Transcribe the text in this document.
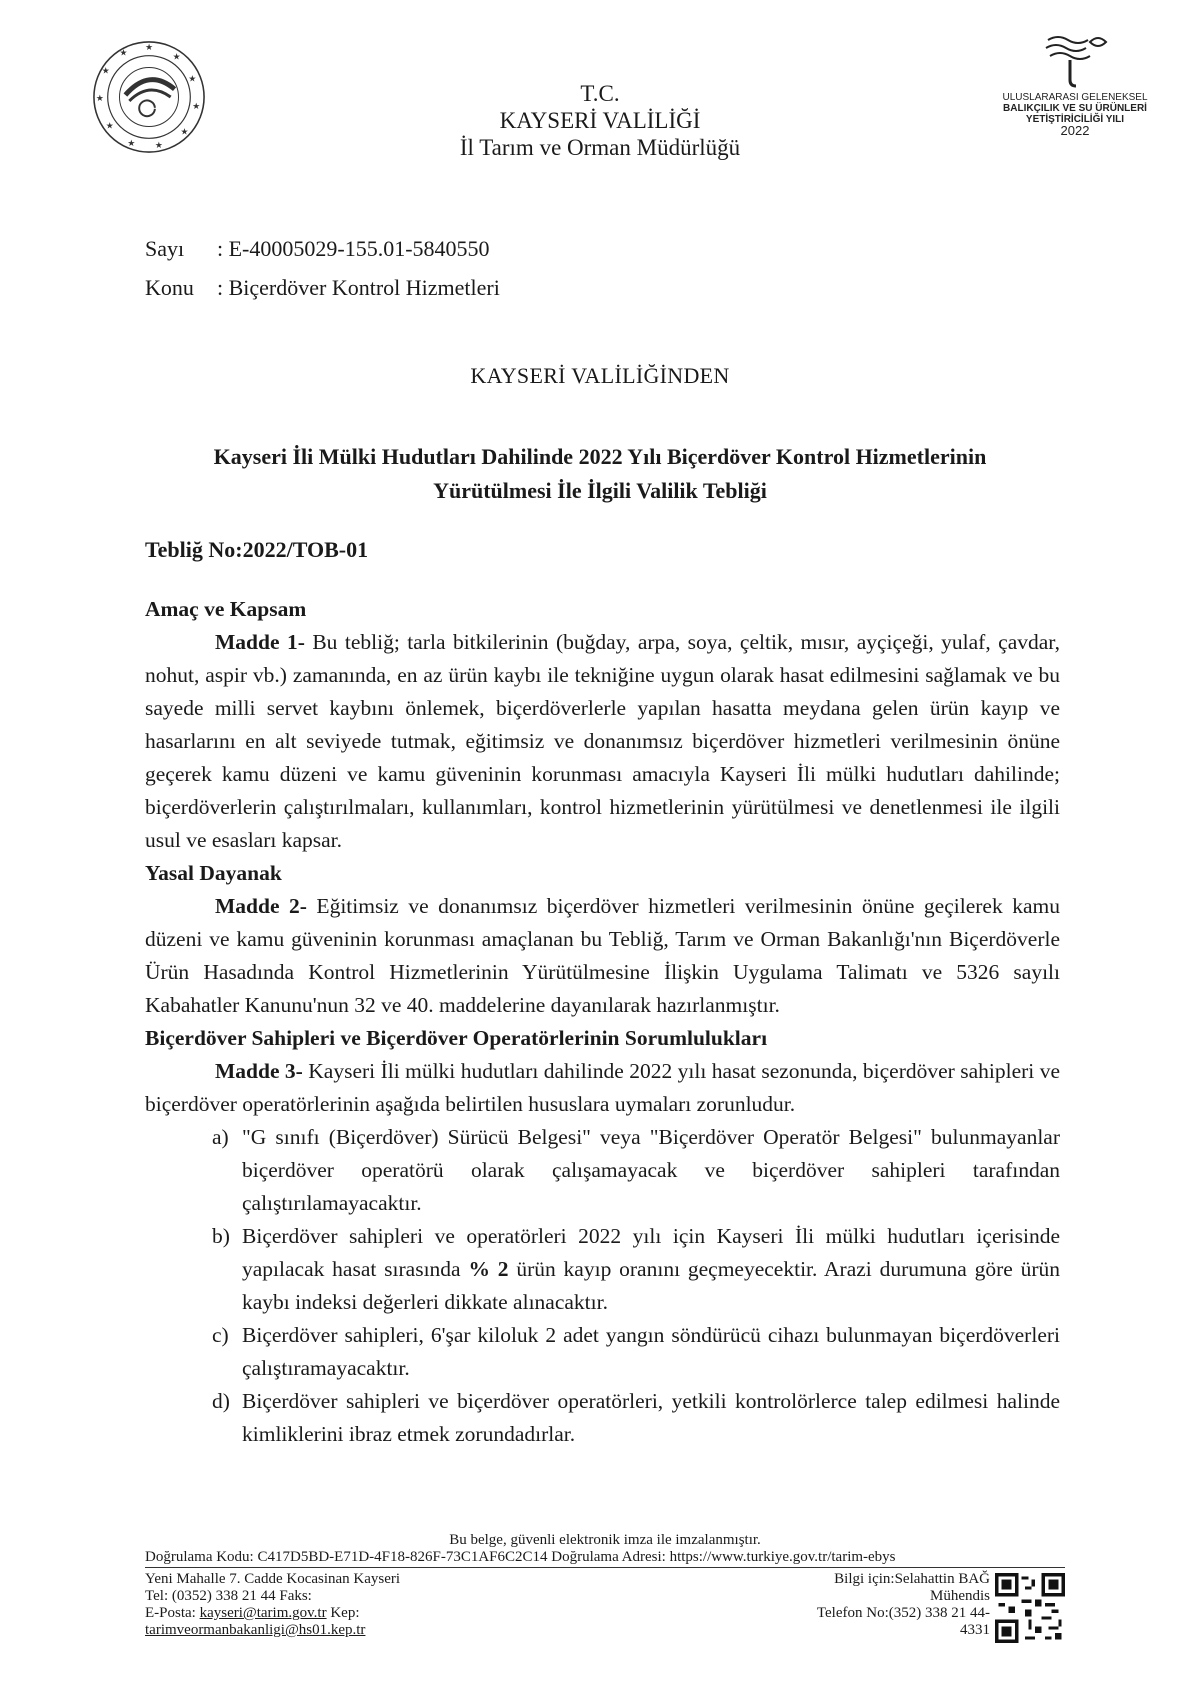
★
★
★
★
★
★
★
★
★
★
★
ULUSLARARASI GELENEKSEL
BALIKÇILIK VE SU ÜRÜNLERİ
YETİŞTİRİCİLİĞİ YILI
2022
T.C.
KAYSERİ VALİLİĞİ
İl Tarım ve Orman Müdürlüğü
Sayı : E-40005029-155.01-5840550
Konu : Biçerdöver Kontrol Hizmetleri
KAYSERİ VALİLİĞİNDEN
Kayseri İli Mülki Hudutları Dahilinde 2022 Yılı Biçerdöver Kontrol Hizmetlerinin
Yürütülmesi İle İlgili Valilik Tebliği
Tebliğ No:2022/TOB-01
Amaç ve Kapsam

Madde 1- Bu tebliğ; tarla bitkilerinin (buğday, arpa, soya, çeltik, mısır, ayçiçeği, yulaf, çavdar, nohut, aspir vb.) zamanında, en az ürün kaybı ile tekniğine uygun olarak hasat edilmesini sağlamak ve bu sayede milli servet kaybını önlemek, biçerdöverlerle yapılan hasatta meydana gelen ürün kayıp ve hasarlarını en alt seviyede tutmak, eğitimsiz ve donanımsız biçerdöver hizmetleri verilmesinin önüne geçerek kamu düzeni ve kamu güveninin korunması amacıyla Kayseri İli mülki hudutları dahilinde; biçerdöverlerin çalıştırılmaları, kullanımları, kontrol hizmetlerinin yürütülmesi ve denetlenmesi ile ilgili usul ve esasları kapsar.

Yasal Dayanak

Madde 2- Eğitimsiz ve donanımsız biçerdöver hizmetleri verilmesinin önüne geçilerek kamu düzeni ve kamu güveninin korunması amaçlanan bu Tebliğ, Tarım ve Orman Bakanlığı'nın Biçerdöverle Ürün Hasadında Kontrol Hizmetlerinin Yürütülmesine İlişkin Uygulama Talimatı ve 5326 sayılı Kabahatler Kanunu'nun 32 ve 40. maddelerine dayanılarak hazırlanmıştır.

Biçerdöver Sahipleri ve Biçerdöver Operatörlerinin Sorumlulukları

Madde 3- Kayseri İli mülki hudutları dahilinde 2022 yılı hasat sezonunda, biçerdöver sahipleri ve biçerdöver operatörlerinin aşağıda belirtilen hususlara uymaları zorunludur.

a) "G sınıfı (Biçerdöver) Sürücü Belgesi" veya "Biçerdöver Operatör Belgesi" bulunmayanlar biçerdöver operatörü olarak çalışamayacak ve biçerdöver sahipleri tarafından çalıştırılamayacaktır.
b) Biçerdöver sahipleri ve operatörleri 2022 yılı için Kayseri İli mülki hudutları içerisinde yapılacak hasat sırasında % 2 ürün kayıp oranını geçmeyecektir. Arazi durumuna göre ürün kaybı indeksi değerleri dikkate alınacaktır.
c) Biçerdöver sahipleri, 6'şar kiloluk 2 adet yangın söndürücü cihazı bulunmayan biçerdöverleri çalıştıramayacaktır.
d) Biçerdöver sahipleri ve biçerdöver operatörleri, yetkili kontrolörlerce talep edilmesi halinde kimliklerini ibraz etmek zorundadırlar.
Bu belge, güvenli elektronik imza ile imzalanmıştır.
Doğrulama Kodu: C417D5BD-E71D-4F18-826F-73C1AF6C2C14 Doğrulama Adresi: https://www.turkiye.gov.tr/tarim-ebys
Yeni Mahalle 7. Cadde Kocasinan Kayseri
Tel: (0352) 338 21 44 Faks:
E-Posta: kayseri@tarim.gov.tr Kep:
tarimveormanbakanligi@hs01.kep.tr
Bilgi için:Selahattin BAĞ
Mühendis
Telefon No:(352) 338 21 44-
4331
